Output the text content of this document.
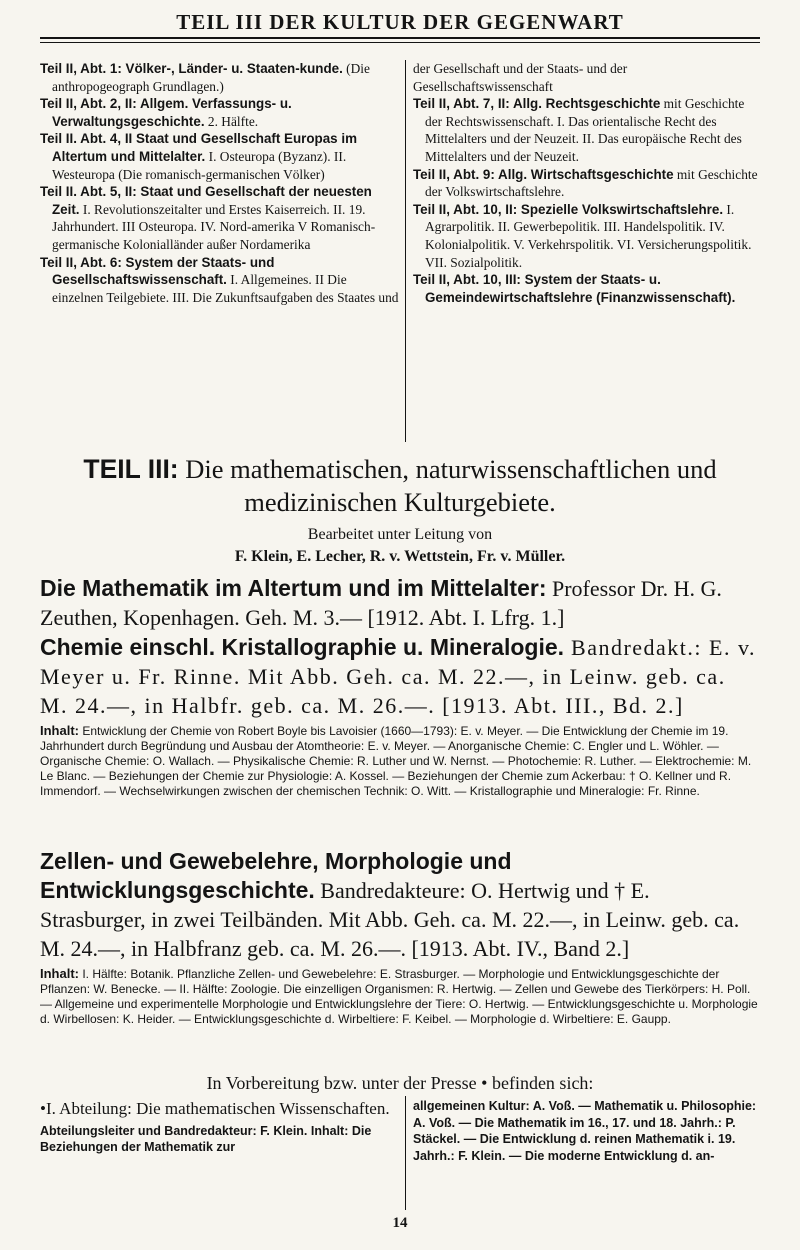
TEIL III DER KULTUR DER GEGENWART

Teil II, Abt. 1: Völker-, Länder- u. Staaten-kunde. (Die anthropogeograph Grundlagen.)

Teil II, Abt. 2, II: Allgem. Verfassungs- u. Verwaltungsgeschichte. 2. Hälfte.

Teil II. Abt. 4, II Staat und Gesellschaft Europas im Altertum und Mittelalter. I. Osteuropa (Byzanz). II. Westeuropa (Die romanisch-germanischen Völker)

Teil II. Abt. 5, II: Staat und Gesellschaft der neuesten Zeit. I. Revolutionszeitalter und Erstes Kaiserreich. II. 19. Jahrhundert. III Osteuropa. IV. Nord-amerika V Romanisch-germanische Kolonialländer außer Nordamerika

Teil II, Abt. 6: System der Staats- und Gesellschaftswissenschaft. I. Allgemeines. II Die einzelnen Teilgebiete. III. Die Zukunftsaufgaben des Staates und

der Gesellschaft und der Staats- und der Gesellschaftswissenschaft

Teil II, Abt. 7, II: Allg. Rechtsgeschichte mit Geschichte der Rechtswissenschaft. I. Das orientalische Recht des Mittelalters und der Neuzeit. II. Das europäische Recht des Mittelalters und der Neuzeit.

Teil II, Abt. 9: Allg. Wirtschaftsgeschichte mit Geschichte der Volkswirtschaftslehre.

Teil II, Abt. 10, II: Spezielle Volkswirtschaftslehre. I. Agrarpolitik. II. Gewerbepolitik. III. Handelspolitik. IV. Kolonialpolitik. V. Verkehrspolitik. VI. Versicherungspolitik. VII. Sozialpolitik.

Teil II, Abt. 10, III: System der Staats- u. Gemeindewirtschaftslehre (Finanzwissenschaft).

TEIL III: Die mathematischen, naturwissenschaftlichen und medizinischen Kulturgebiete.
Bearbeitet unter Leitung von
F. Klein, E. Lecher, R. v. Wettstein, Fr. v. Müller.
Die Mathematik im Altertum und im Mittelalter: Professor Dr. H. G. Zeuthen, Kopenhagen. Geh. M. 3.— [1912. Abt. I. Lfrg. 1.]
Chemie einschl. Kristallographie u. Mineralogie. Bandredakt.: E. v. Meyer u. Fr. Rinne. Mit Abb. Geh. ca. M. 22.—, in Leinw. geb. ca. M. 24.—, in Halbfr. geb. ca. M. 26.—. [1913. Abt. III., Bd. 2.]
Inhalt: Entwicklung der Chemie von Robert Boyle bis Lavoisier (1660—1793): E. v. Meyer. — Die Entwicklung der Chemie im 19. Jahrhundert durch Begründung und Ausbau der Atomtheorie: E. v. Meyer. — Anorganische Chemie: C. Engler und L. Wöhler. — Organische Chemie: O. Wallach. — Physikalische Chemie: R. Luther und W. Nernst. — Photochemie: R. Luther. — Elektrochemie: M. Le Blanc. — Beziehungen der Chemie zur Physiologie: A. Kossel. — Beziehungen der Chemie zum Ackerbau: † O. Kellner und R. Immendorf. — Wechselwirkungen zwischen der chemischen Technik: O. Witt. — Kristallographie und Mineralogie: Fr. Rinne.
Zellen- und Gewebelehre, Morphologie und Entwicklungsgeschichte. Bandredakteure: O. Hertwig und † E. Strasburger, in zwei Teilbänden. Mit Abb. Geh. ca. M. 22.—, in Leinw. geb. ca. M. 24.—, in Halbfranz geb. ca. M. 26.—. [1913. Abt. IV., Band 2.]
Inhalt: I. Hälfte: Botanik. Pflanzliche Zellen- und Gewebelehre: E. Strasburger. — Morphologie und Entwicklungsgeschichte der Pflanzen: W. Benecke. — II. Hälfte: Zoologie. Die einzelligen Organismen: R. Hertwig. — Zellen und Gewebe des Tierkörpers: H. Poll. — Allgemeine und experimentelle Morphologie und Entwicklungslehre der Tiere: O. Hertwig. — Entwicklungsgeschichte u. Morphologie d. Wirbellosen: K. Heider. — Entwicklungsgeschichte d. Wirbeltiere: F. Keibel. — Morphologie d. Wirbeltiere: E. Gaupp.
In Vorbereitung bzw. unter der Presse • befinden sich:
•I. Abteilung: Die mathematischen Wissenschaften.
Abteilungsleiter und Bandredakteur: F. Klein. Inhalt: Die Beziehungen der Mathematik zur
allgemeinen Kultur: A. Voß. — Mathematik u. Philosophie: A. Voß. — Die Mathematik im 16., 17. und 18. Jahrh.: P. Stäckel. — Die Entwicklung d. reinen Mathematik i. 19. Jahrh.: F. Klein. — Die moderne Entwicklung d. an-
14
